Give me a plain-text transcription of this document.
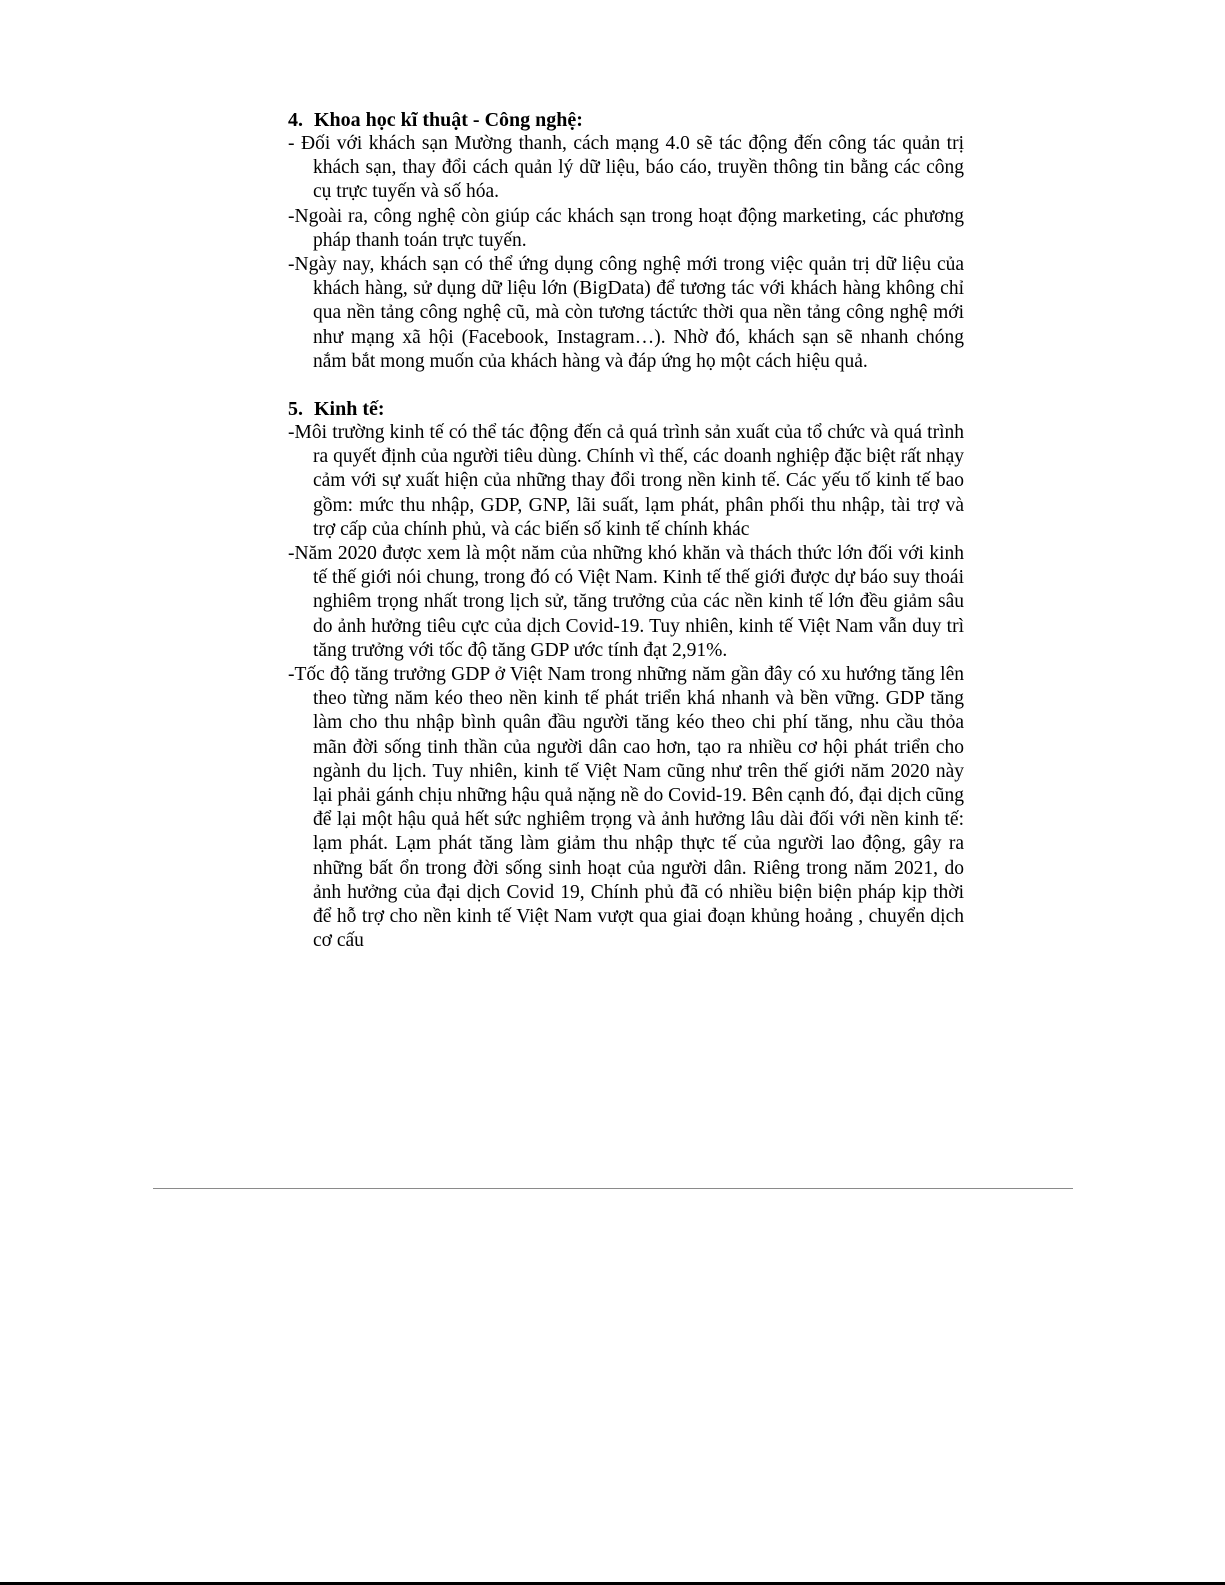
4. Khoa học kĩ thuật - Công nghệ:

- Đối với khách sạn Mường thanh, cách mạng 4.0 sẽ tác động đến công tác quản trị khách sạn, thay đổi cách quản lý dữ liệu, báo cáo, truyền thông tin bằng các công cụ trực tuyến và số hóa.

-Ngoài ra, công nghệ còn giúp các khách sạn trong hoạt động marketing, các phương pháp thanh toán trực tuyến.

-Ngày nay, khách sạn có thể ứng dụng công nghệ mới trong việc quản trị dữ liệu của khách hàng, sử dụng dữ liệu lớn (BigData) để tương tác với khách hàng không chỉ qua nền tảng công nghệ cũ, mà còn tương táctức thời qua nền tảng công nghệ mới như mạng xã hội (Facebook, Instagram…). Nhờ đó, khách sạn sẽ nhanh chóng nắm bắt mong muốn của khách hàng và đáp ứng họ một cách hiệu quả.

5. Kinh tế:

-Môi trường kinh tế có thể tác động đến cả quá trình sản xuất của tổ chức và quá trình ra quyết định của người tiêu dùng. Chính vì thế, các doanh nghiệp đặc biệt rất nhạy cảm với sự xuất hiện của những thay đổi trong nền kinh tế. Các yếu tố kinh tế bao gồm: mức thu nhập, GDP, GNP, lãi suất, lạm phát, phân phối thu nhập, tài trợ và trợ cấp của chính phủ, và các biến số kinh tế chính khác

-Năm 2020 được xem là một năm của những khó khăn và thách thức lớn đối với kinh tế thế giới nói chung, trong đó có Việt Nam. Kinh tế thế giới được dự báo suy thoái nghiêm trọng nhất trong lịch sử, tăng trưởng của các nền kinh tế lớn đều giảm sâu do ảnh hưởng tiêu cực của dịch Covid-19. Tuy nhiên, kinh tế Việt Nam vẫn duy trì tăng trưởng với tốc độ tăng GDP ước tính đạt 2,91%.

-Tốc độ tăng trưởng GDP ở Việt Nam trong những năm gần đây có xu hướng tăng lên theo từng năm kéo theo nền kinh tế phát triển khá nhanh và bền vững. GDP tăng làm cho thu nhập bình quân đầu người tăng kéo theo chi phí tăng, nhu cầu thỏa mãn đời sống tinh thần của người dân cao hơn, tạo ra nhiều cơ hội phát triển cho ngành du lịch. Tuy nhiên, kinh tế Việt Nam cũng như trên thế giới năm 2020 này lại phải gánh chịu những hậu quả nặng nề do Covid-19. Bên cạnh đó, đại dịch cũng để lại một hậu quả hết sức nghiêm trọng và ảnh hưởng lâu dài đối với nền kinh tế: lạm phát. Lạm phát tăng làm giảm thu nhập thực tế của người lao động, gây ra những bất ổn trong đời sống sinh hoạt của người dân. Riêng trong năm 2021, do ảnh hưởng của đại dịch Covid 19, Chính phủ đã có nhiều biện biện pháp kịp thời để hỗ trợ cho nền kinh tế Việt Nam vượt qua giai đoạn khủng hoảng , chuyển dịch cơ cấu
